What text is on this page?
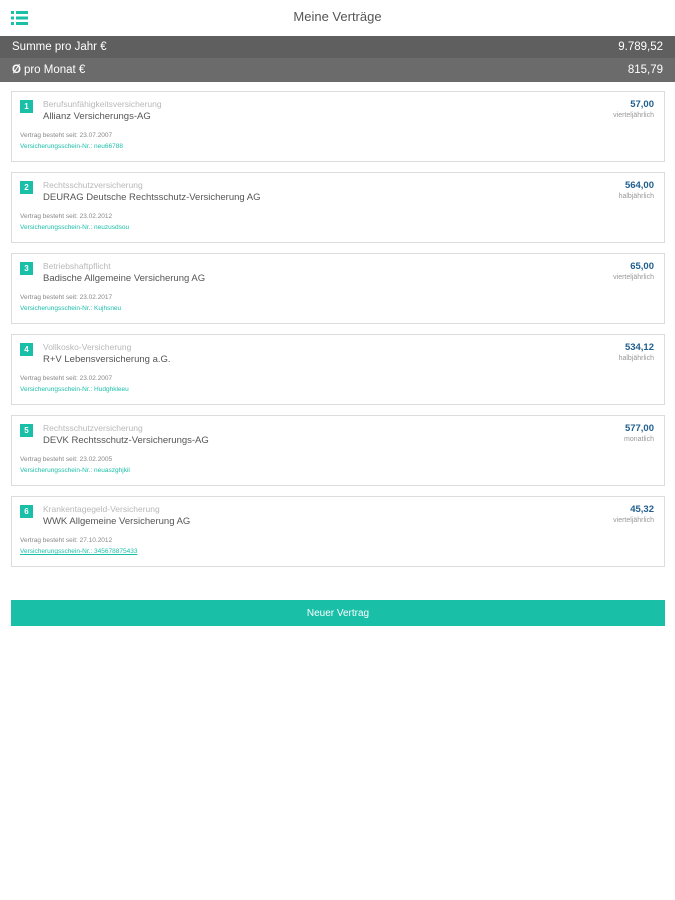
Meine Verträge
Summe pro Jahr €	9.789,52
Ø pro Monat €	815,79
1	Berufsunfähigkeitsversicherung
Allianz Versicherungs-AG
57,00
vierteljährlich
Vertrag besteht seit: 23.07.2007
Versicherungsschein-Nr.: neu66788
2	Rechtsschutzversicherung
DEURAG Deutsche Rechtsschutz-Versicherung AG
564,00
halbjährlich
Vertrag besteht seit: 23.02.2012
Versicherungsschein-Nr.: neuzusdsou
3	Betriebshaftpflicht
Badische Allgemeine Versicherung AG
65,00
vierteljährlich
Vertrag besteht seit: 23.02.2017
Versicherungsschein-Nr.: Kujhsneu
4	Vollkosko-Versicherung
R+V Lebensversicherung a.G.
534,12
halbjährlich
Vertrag besteht seit: 23.02.2007
Versicherungsschein-Nr.: Hudghkleeu
5	Rechtsschutzversicherung
DEVK Rechtsschutz-Versicherungs-AG
577,00
monatlich
Vertrag besteht seit: 23.02.2005
Versicherungsschein-Nr.: neuaszghjkil
6	Krankentagegeld-Versicherung
WWK Allgemeine Versicherung AG
45,32
vierteljährlich
Vertrag besteht seit: 27.10.2012
Versicherungsschein-Nr.: 345678875433
Neuer Vertrag
